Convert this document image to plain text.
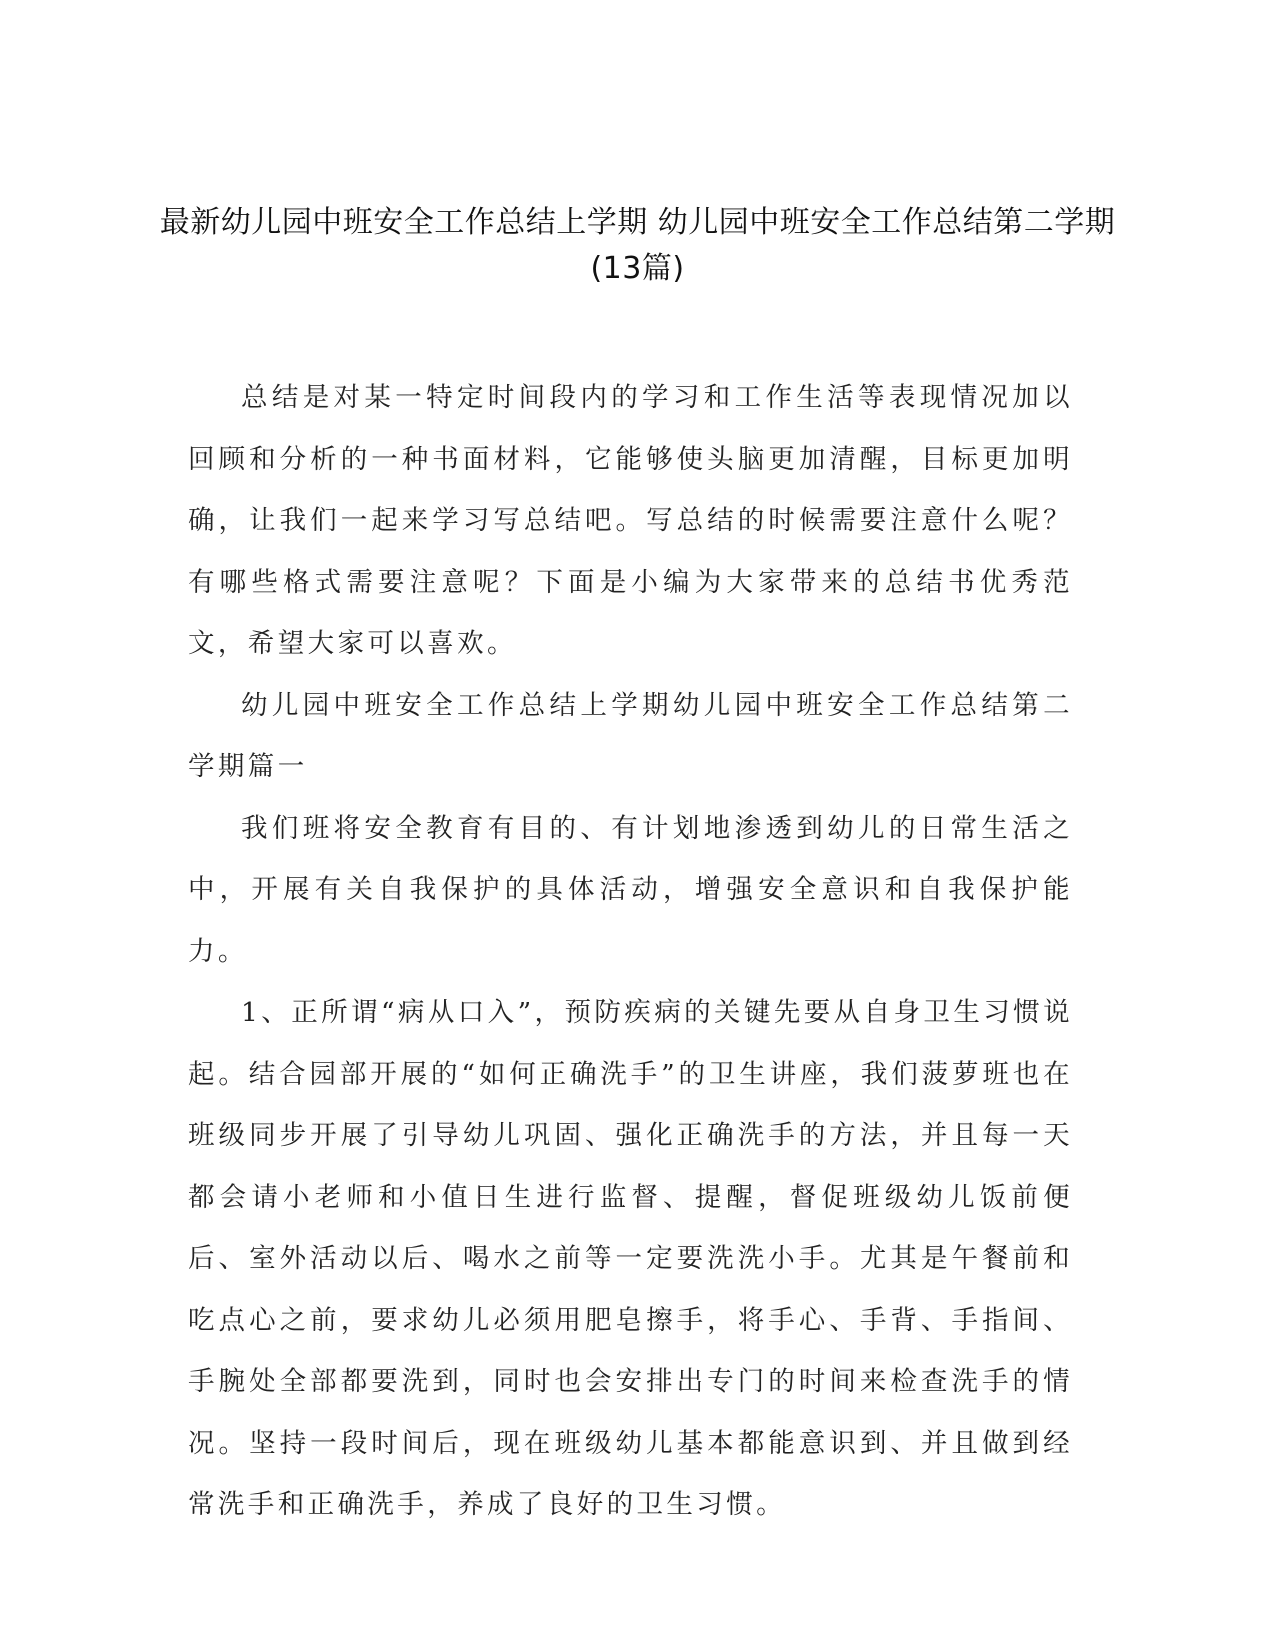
最新幼儿园中班安全工作总结上学期 幼儿园中班安全工作总结第二学期(13篇)

总结是对某一特定时间段内的学习和工作生活等表现情况加以回顾和分析的一种书面材料，它能够使头脑更加清醒，目标更加明确，让我们一起来学习写总结吧。写总结的时候需要注意什么呢？有哪些格式需要注意呢？下面是小编为大家带来的总结书优秀范文，希望大家可以喜欢。

幼儿园中班安全工作总结上学期幼儿园中班安全工作总结第二学期篇一

我们班将安全教育有目的、有计划地渗透到幼儿的日常生活之中，开展有关自我保护的具体活动，增强安全意识和自我保护能力。

1、正所谓“病从口入”，预防疾病的关键先要从自身卫生习惯说起。结合园部开展的“如何正确洗手”的卫生讲座，我们菠萝班也在班级同步开展了引导幼儿巩固、强化正确洗手的方法，并且每一天都会请小老师和小值日生进行监督、提醒，督促班级幼儿饭前便后、室外活动以后、喝水之前等一定要洗洗小手。尤其是午餐前和吃点心之前，要求幼儿必须用肥皂擦手，将手心、手背、手指间、手腕处全部都要洗到，同时也会安排出专门的时间来检查洗手的情况。坚持一段时间后，现在班级幼儿基本都能意识到、并且做到经常洗手和正确洗手，养成了良好的卫生习惯。
